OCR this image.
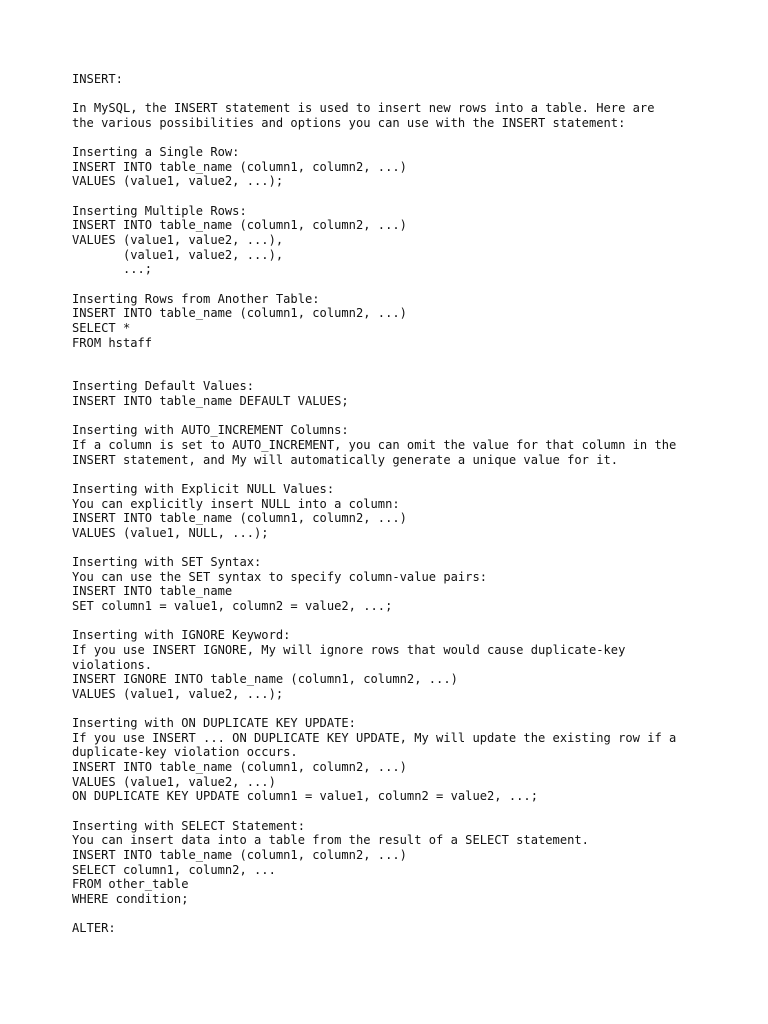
INSERT:
In MySQL, the INSERT statement is used to insert new rows into a table. Here are
the various possibilities and options you can use with the INSERT statement:
Inserting a Single Row:
INSERT INTO table_name (column1, column2, ...)
VALUES (value1, value2, ...);
Inserting Multiple Rows:
INSERT INTO table_name (column1, column2, ...)
VALUES (value1, value2, ...),
(value1, value2, ...),
...;
Inserting Rows from Another Table:
INSERT INTO table_name (column1, column2, ...)
SELECT *
FROM hstaff
Inserting Default Values:
INSERT INTO table_name DEFAULT VALUES;
Inserting with AUTO_INCREMENT Columns:
If a column is set to AUTO_INCREMENT, you can omit the value for that column in the
INSERT statement, and My will automatically generate a unique value for it.
Inserting with Explicit NULL Values:
You can explicitly insert NULL into a column:
INSERT INTO table_name (column1, column2, ...)
VALUES (value1, NULL, ...);
Inserting with SET Syntax:
You can use the SET syntax to specify column-value pairs:
INSERT INTO table_name
SET column1 = value1, column2 = value2, ...;
Inserting with IGNORE Keyword:
If you use INSERT IGNORE, My will ignore rows that would cause duplicate-key
violations.
INSERT IGNORE INTO table_name (column1, column2, ...)
VALUES (value1, value2, ...);
Inserting with ON DUPLICATE KEY UPDATE:
If you use INSERT ... ON DUPLICATE KEY UPDATE, My will update the existing row if a
duplicate-key violation occurs.
INSERT INTO table_name (column1, column2, ...)
VALUES (value1, value2, ...)
ON DUPLICATE KEY UPDATE column1 = value1, column2 = value2, ...;
Inserting with SELECT Statement:
You can insert data into a table from the result of a SELECT statement.
INSERT INTO table_name (column1, column2, ...)
SELECT column1, column2, ...
FROM other_table
WHERE condition;
ALTER:
